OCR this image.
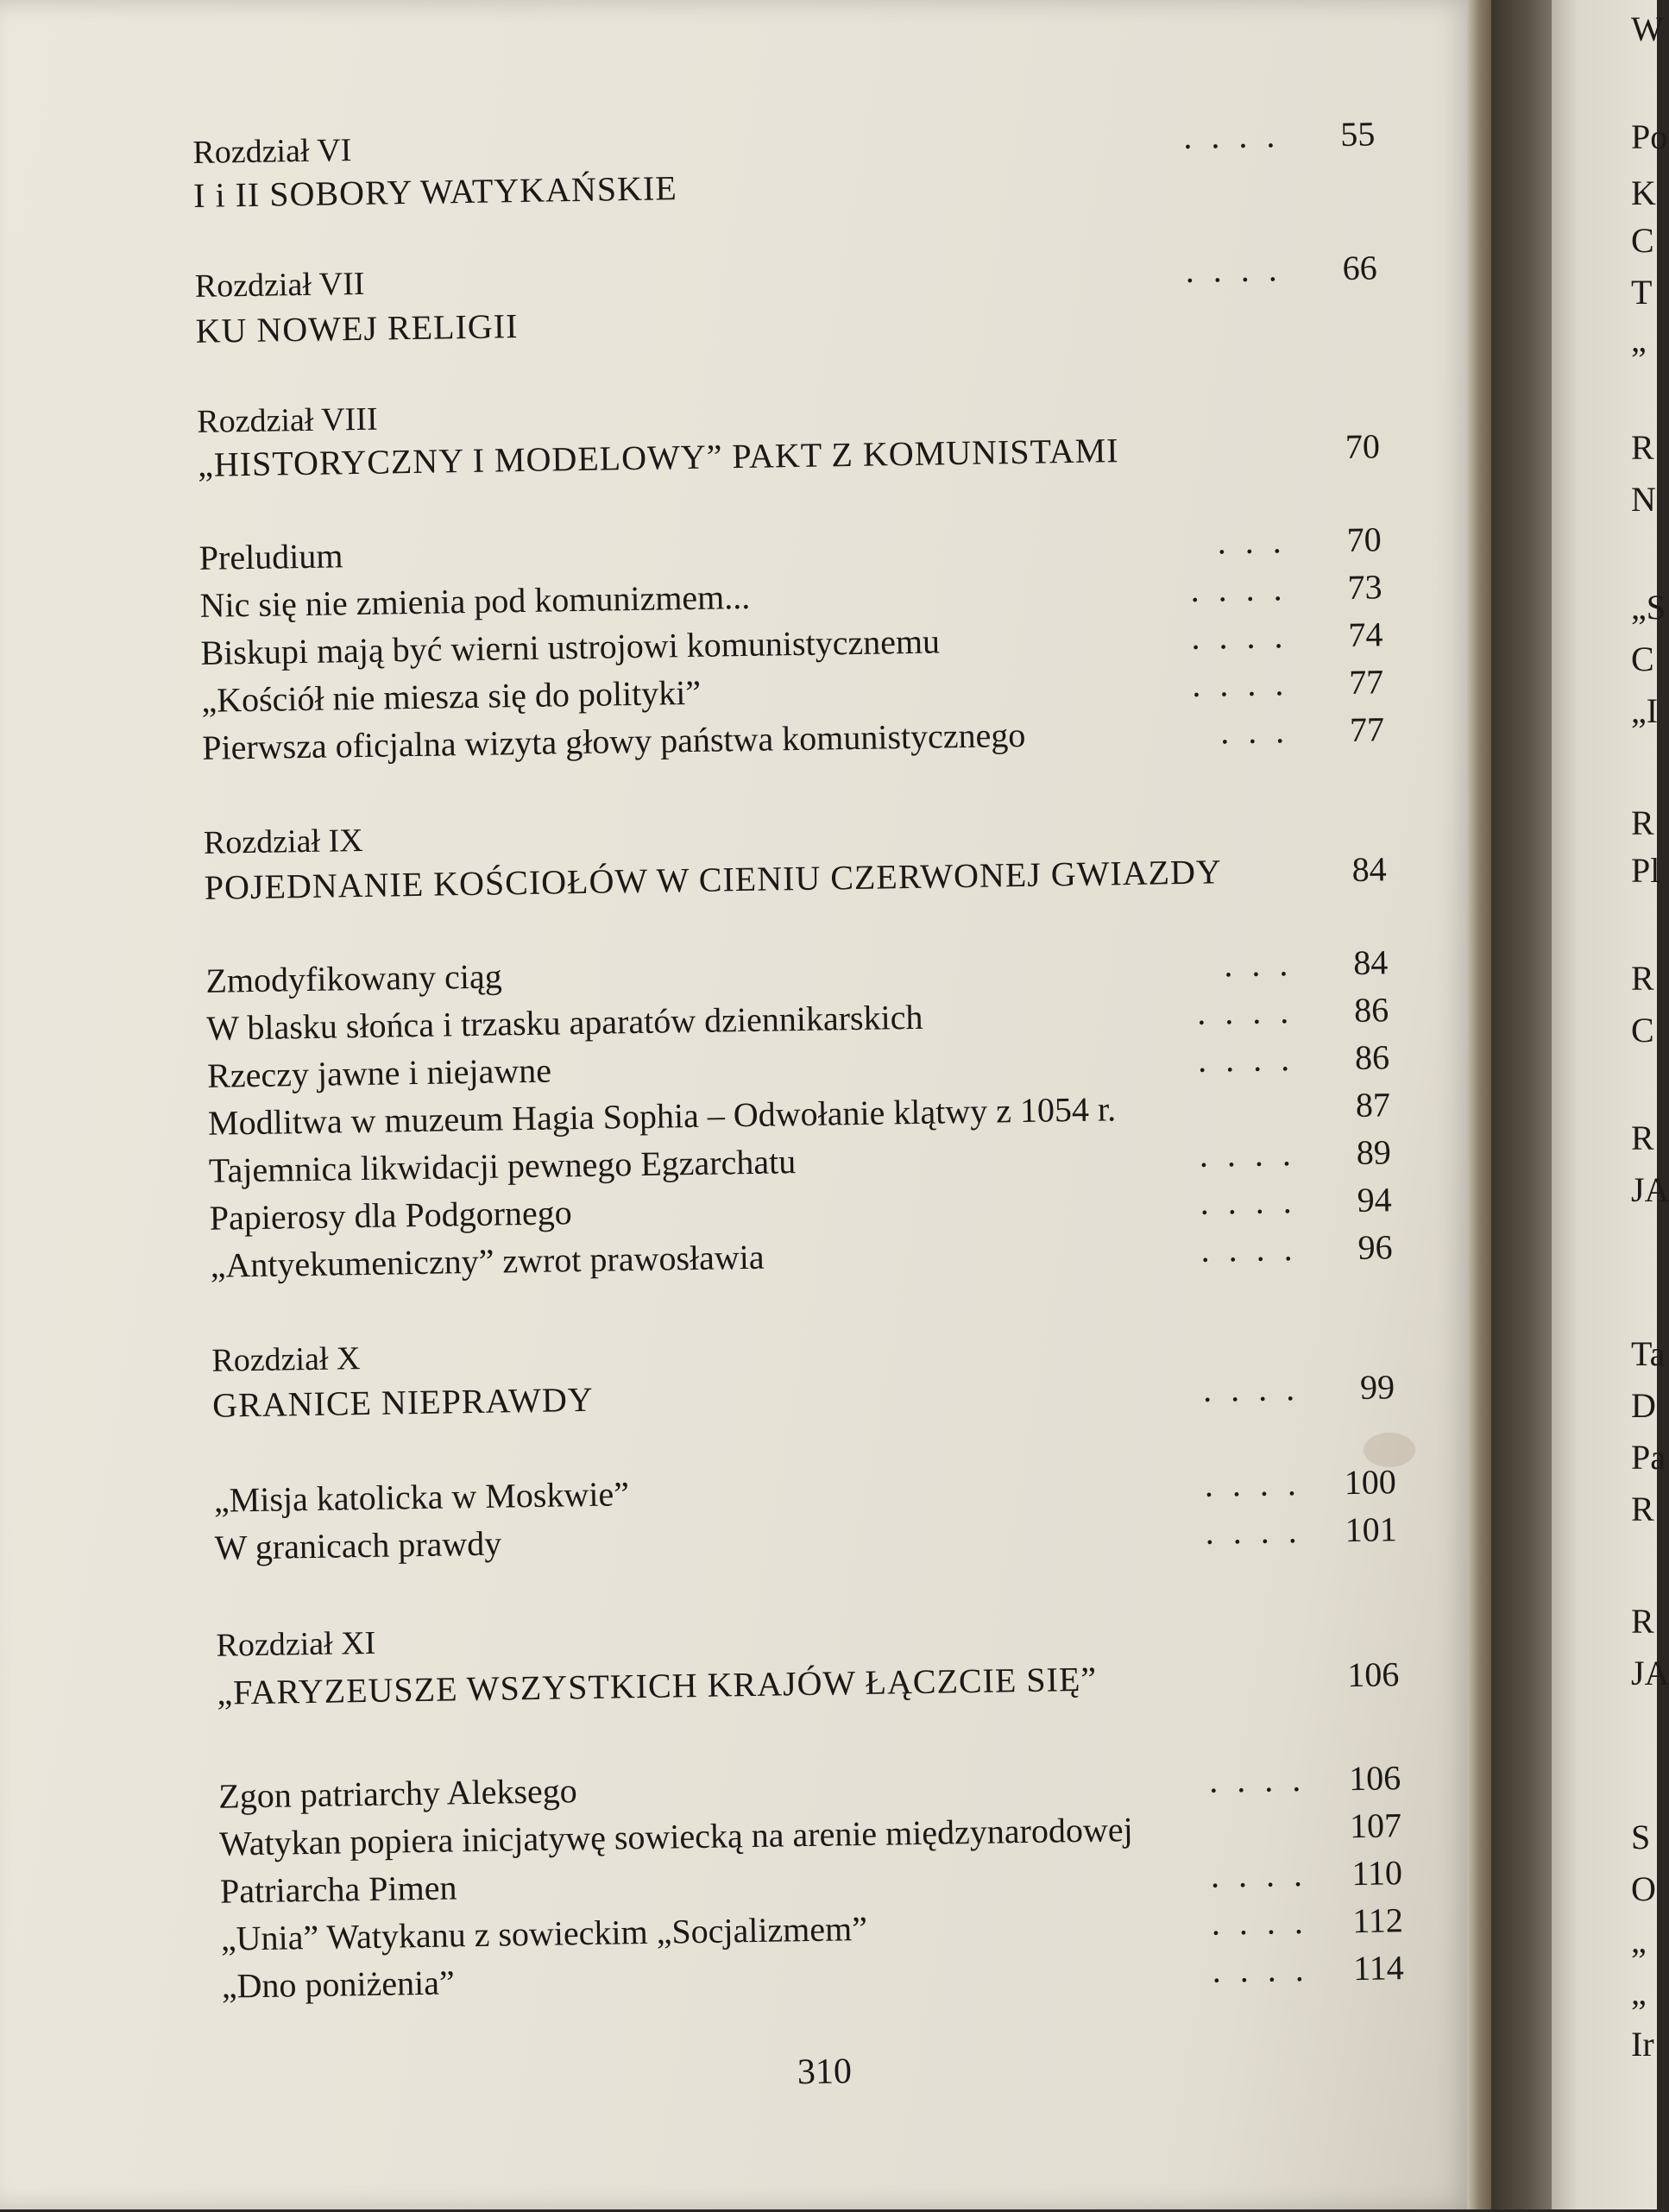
Rozdział VI	....	55
I i II SOBORY WATYKAŃSKIE
Rozdział VII	....	66
KU NOWEJ RELIGII
Rozdział VIII
„HISTORYCZNY I MODELOWY” PAKT Z KOMUNISTAMI	70
Preludium	...	70
Nic się nie zmienia pod komunizmem...	....	73
Biskupi mają być wierni ustrojowi komunistycznemu	....	74
„Kościół nie miesza się do polityki”	....	77
Pierwsza oficjalna wizyta głowy państwa komunistycznego	...	77
Rozdział IX
POJEDNANIE KOŚCIOŁÓW W CIENIU CZERWONEJ GWIAZDY	84
Zmodyfikowany ciąg	...	84
W blasku słońca i trzasku aparatów dziennikarskich	....	86
Rzeczy jawne i niejawne	....	86
Modlitwa w muzeum Hagia Sophia – Odwołanie klątwy z 1054 r.	87
Tajemnica likwidacji pewnego Egzarchatu	....	89
Papierosy dla Podgornego	....	94
„Antyekumeniczny” zwrot prawosławia	....	96
Rozdział X
GRANICE NIEPRAWDY	....	99
„Misja katolicka w Moskwie”	.... 100
W granicach prawdy	.... 101
Rozdział XI
„FARYZEUSZE WSZYSTKICH KRAJÓW ŁĄCZCIE SIĘ”	106
Zgon patriarchy Aleksego	.... 106
Watykan popiera inicjatywę sowiecką na arenie międzynarodowej	107
Patriarcha Pimen	.... 110
„Unia” Watykanu z sowieckim „Socjalizmem”	.... 112
„Dno poniżenia”	.... 114
310
W
Po
K
C
T
„
R
N
„S
C
„I
R
Pl
R
C
R
JA
Ta
D
Pa
R
R
JA
S
O
„
„
Ir
